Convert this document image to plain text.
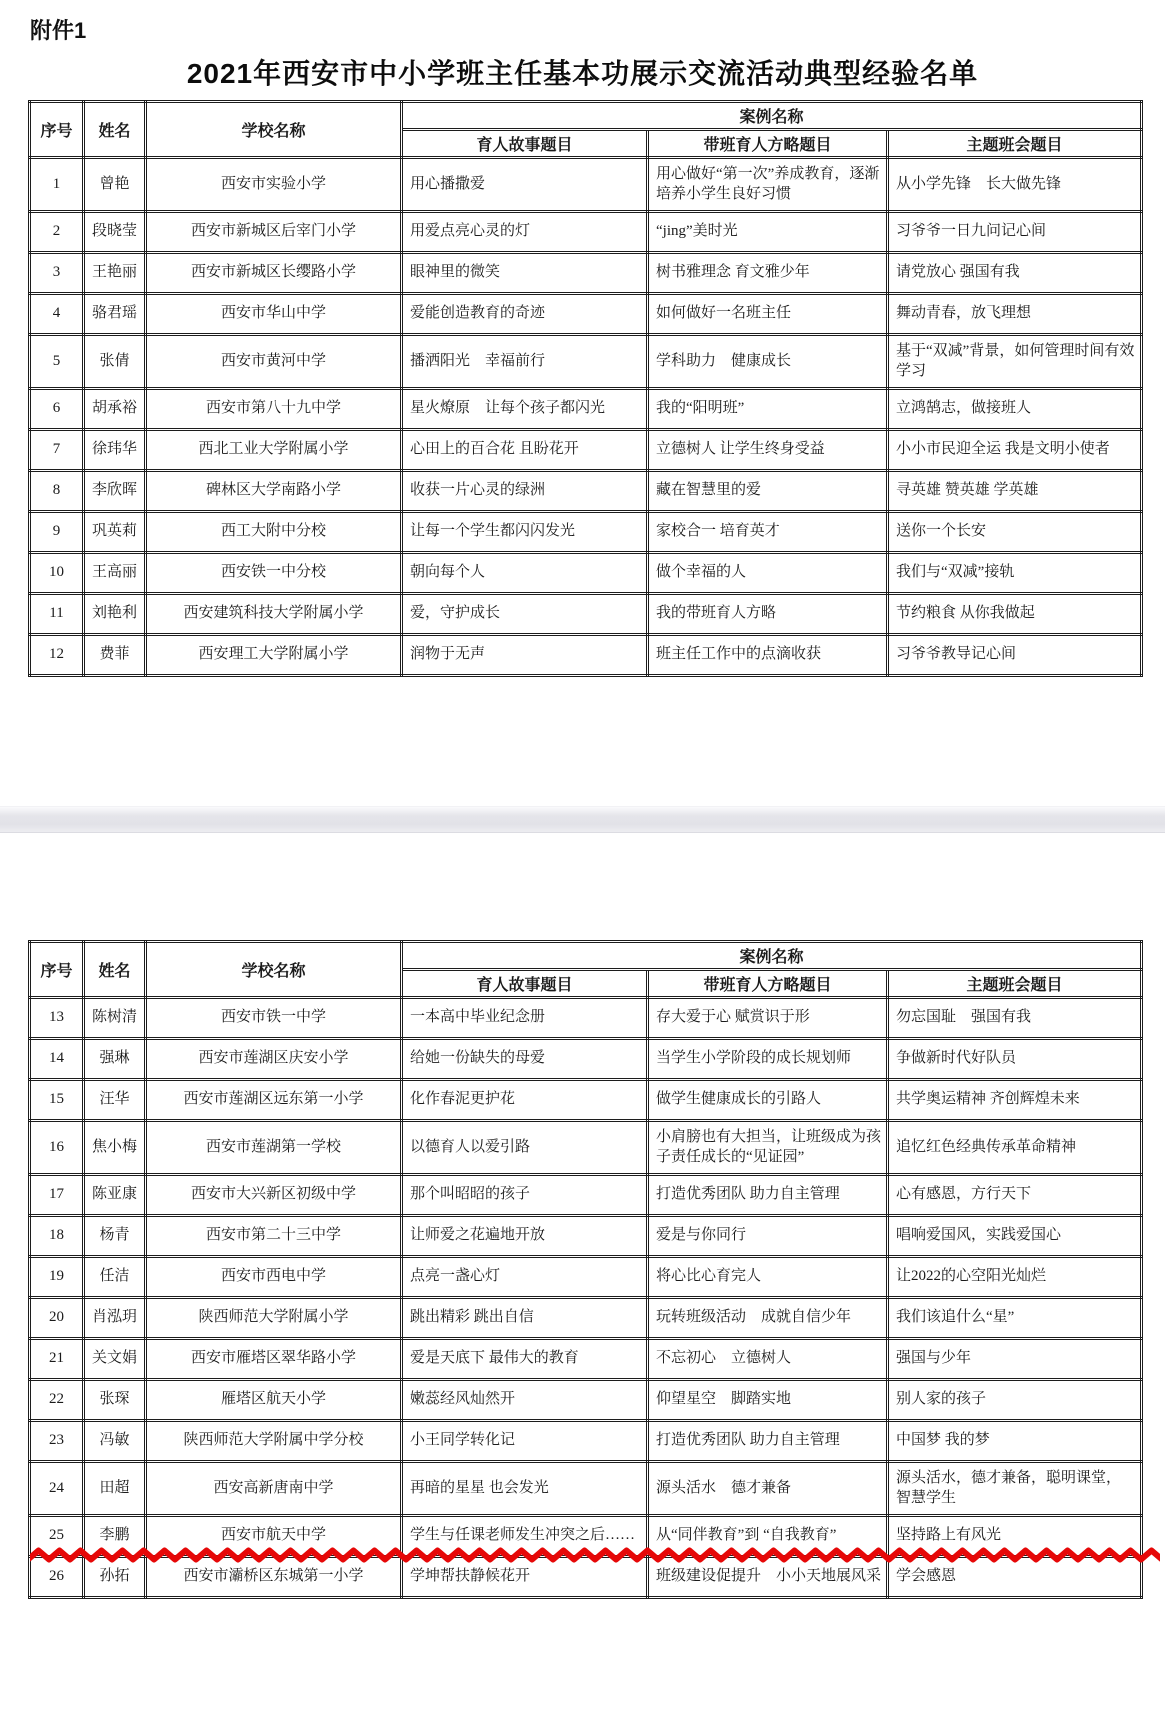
附件1
2021年西安市中小学班主任基本功展示交流活动典型经验名单
序号	姓名	学校名称	案例名称		
			育人故事题目	带班育人方略题目	主题班会题目
1	曾艳	西安市实验小学	用心播撒爱	用心做好“第一次”养成教育，逐渐培养小学生良好习惯	从小学先锋　长大做先锋
2	段晓莹	西安市新城区后宰门小学	用爱点亮心灵的灯	“jing”美时光	习爷爷一日九问记心间
3	王艳丽	西安市新城区长缨路小学	眼神里的微笑	树书雅理念 育文雅少年	请党放心 强国有我
4	骆君瑶	西安市华山中学	爱能创造教育的奇迹	如何做好一名班主任	舞动青春，放飞理想
5	张倩	西安市黄河中学	播洒阳光　幸福前行	学科助力　健康成长	基于“双减”背景，如何管理时间有效学习
6	胡承裕	西安市第八十九中学	星火燎原　让每个孩子都闪光	我的“阳明班”	立鸿鹄志，做接班人
7	徐玮华	西北工业大学附属小学	心田上的百合花 且盼花开	立德树人 让学生终身受益	小小市民迎全运 我是文明小使者
8	李欣晖	碑林区大学南路小学	收获一片心灵的绿洲	藏在智慧里的爱	寻英雄 赞英雄 学英雄
9	巩英莉	西工大附中分校	让每一个学生都闪闪发光	家校合一 培育英才	送你一个长安
10	王高丽	西安铁一中分校	朝向每个人	做个幸福的人	我们与“双减”接轨
11	刘艳利	西安建筑科技大学附属小学	爱，守护成长	我的带班育人方略	节约粮食 从你我做起
12	费菲	西安理工大学附属小学	润物于无声	班主任工作中的点滴收获	习爷爷教导记心间
序号	姓名	学校名称	案例名称		
			育人故事题目	带班育人方略题目	主题班会题目
13	陈树清	西安市铁一中学	一本高中毕业纪念册	存大爱于心 赋赏识于形	勿忘国耻　强国有我
14	强琳	西安市莲湖区庆安小学	给她一份缺失的母爱	当学生小学阶段的成长规划师	争做新时代好队员
15	汪华	西安市莲湖区远东第一小学	化作春泥更护花	做学生健康成长的引路人	共学奥运精神 齐创辉煌未来
16	焦小梅	西安市莲湖第一学校	以德育人以爱引路	小肩膀也有大担当，让班级成为孩子责任成长的“见证园”	追忆红色经典传承革命精神
17	陈亚康	西安市大兴新区初级中学	那个叫昭昭的孩子	打造优秀团队 助力自主管理	心有感恩，方行天下
18	杨青	西安市第二十三中学	让师爱之花遍地开放	爱是与你同行	唱响爱国风，实践爱国心
19	任洁	西安市西电中学	点亮一盏心灯	将心比心育完人	让2022的心空阳光灿烂
20	肖泓玥	陕西师范大学附属小学	跳出精彩 跳出自信	玩转班级活动　成就自信少年	我们该追什么“星”
21	关文娟	西安市雁塔区翠华路小学	爱是天底下 最伟大的教育	不忘初心　立德树人	强国与少年
22	张琛	雁塔区航天小学	嫩蕊经风灿然开	仰望星空　脚踏实地	别人家的孩子
23	冯敏	陕西师范大学附属中学分校	小王同学转化记	打造优秀团队 助力自主管理	中国梦 我的梦
24	田超	西安高新唐南中学	再暗的星星 也会发光	源头活水　德才兼备	源头活水，德才兼备，聪明课堂，智慧学生
25	李鹏	西安市航天中学	学生与任课老师发生冲突之后……	从“同伴教育”到 “自我教育”	坚持路上有风光
26	孙拓	西安市灞桥区东城第一小学	学坤帮扶静候花开	班级建设促提升　小小天地展风采	学会感恩
